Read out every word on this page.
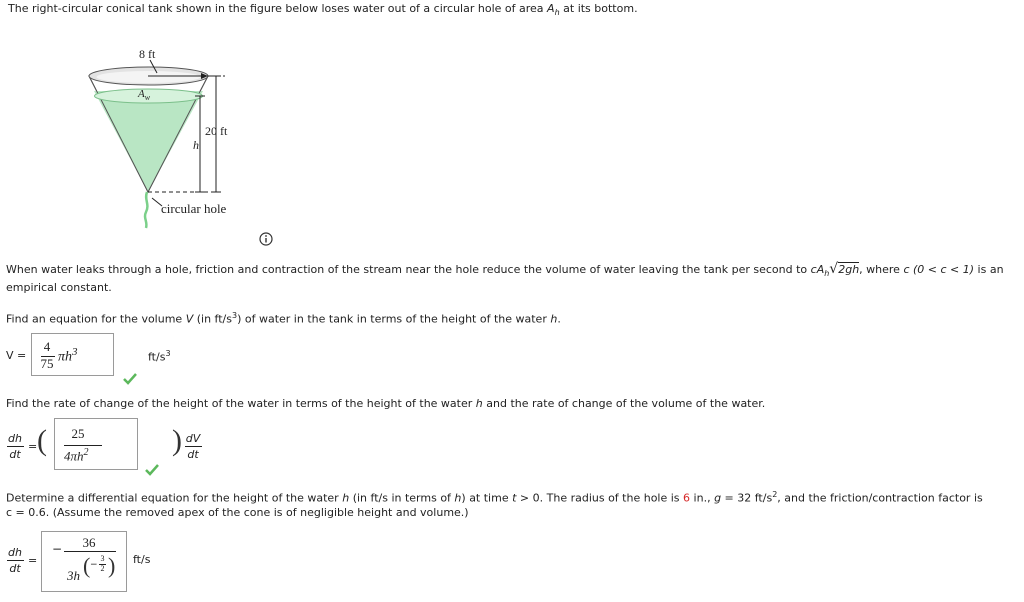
The right-circular conical tank shown in the figure below loses water out of a circular hole of area $A_h$ at its bottom.
8 ft
$A_w$
20 ft
h
circular hole
When water leaks through a hole, friction and contraction of the stream near the hole reduce the volume of water leaving the tank per second to $cA_h√2gh$, where c (0 < c < 1) is an
empirical constant.
Find an equation for the volume V (in $ft/s^3$) of water in the tank in terms of the height of the water h.
V =
4
75 $\pi h^3$	$ft/s^3$
Find the rate of change of the height of the water in terms of the height of the water h and the rate of change of the volume of the water.
dh
dt
= (	25
$4\pi h^2$	) dV
dt
Determine a differential equation for the height of the water h (in ft/s in terms of h) at time t > 0. The radius of the hole is 6 in., g = 32 $ft/s^2$, and the friction/contraction factor is
c = 0.6. (Assume the removed apex of the cone is of negligible height and volume.)
dh
dt
=
−	36
3h ( −
3
2 ) ft/s
